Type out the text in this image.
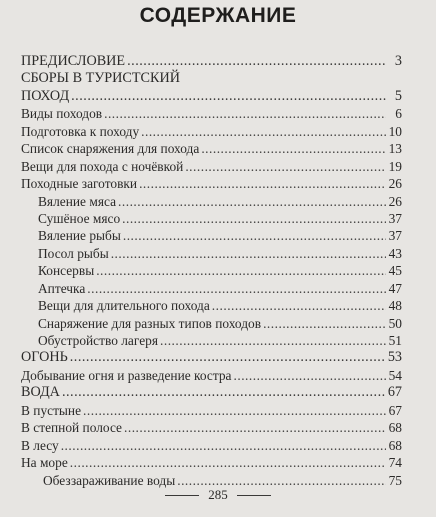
СОДЕРЖАНИЕ
ПРЕДИСЛОВИЕ .....	3
СБОРЫ В ТУРИСТСКИЙ
ПОХОД .....	5
Виды походов .....	6
Подготовка к походу .....	10
Список снаряжения для похода .....	13
Вещи для похода с ночёвкой .....	19
Походные заготовки .....	26
Вяление мяса .....	26
Сушёное мясо .....	37
Вяление рыбы .....	37
Посол рыбы .....	43
Консервы .....	45
Аптечка .....	47
Вещи для длительного похода .....	48
Снаряжение для разных типов походов .....	50
Обустройство лагеря .....	51
ОГОНЬ .....	53
Добывание огня и разведение костра .....	54
ВОДА .....	67
В пустыне .....	67
В степной полосе .....	68
В лесу .....	68
На море .....	74
Обеззараживание воды .....	75
285
